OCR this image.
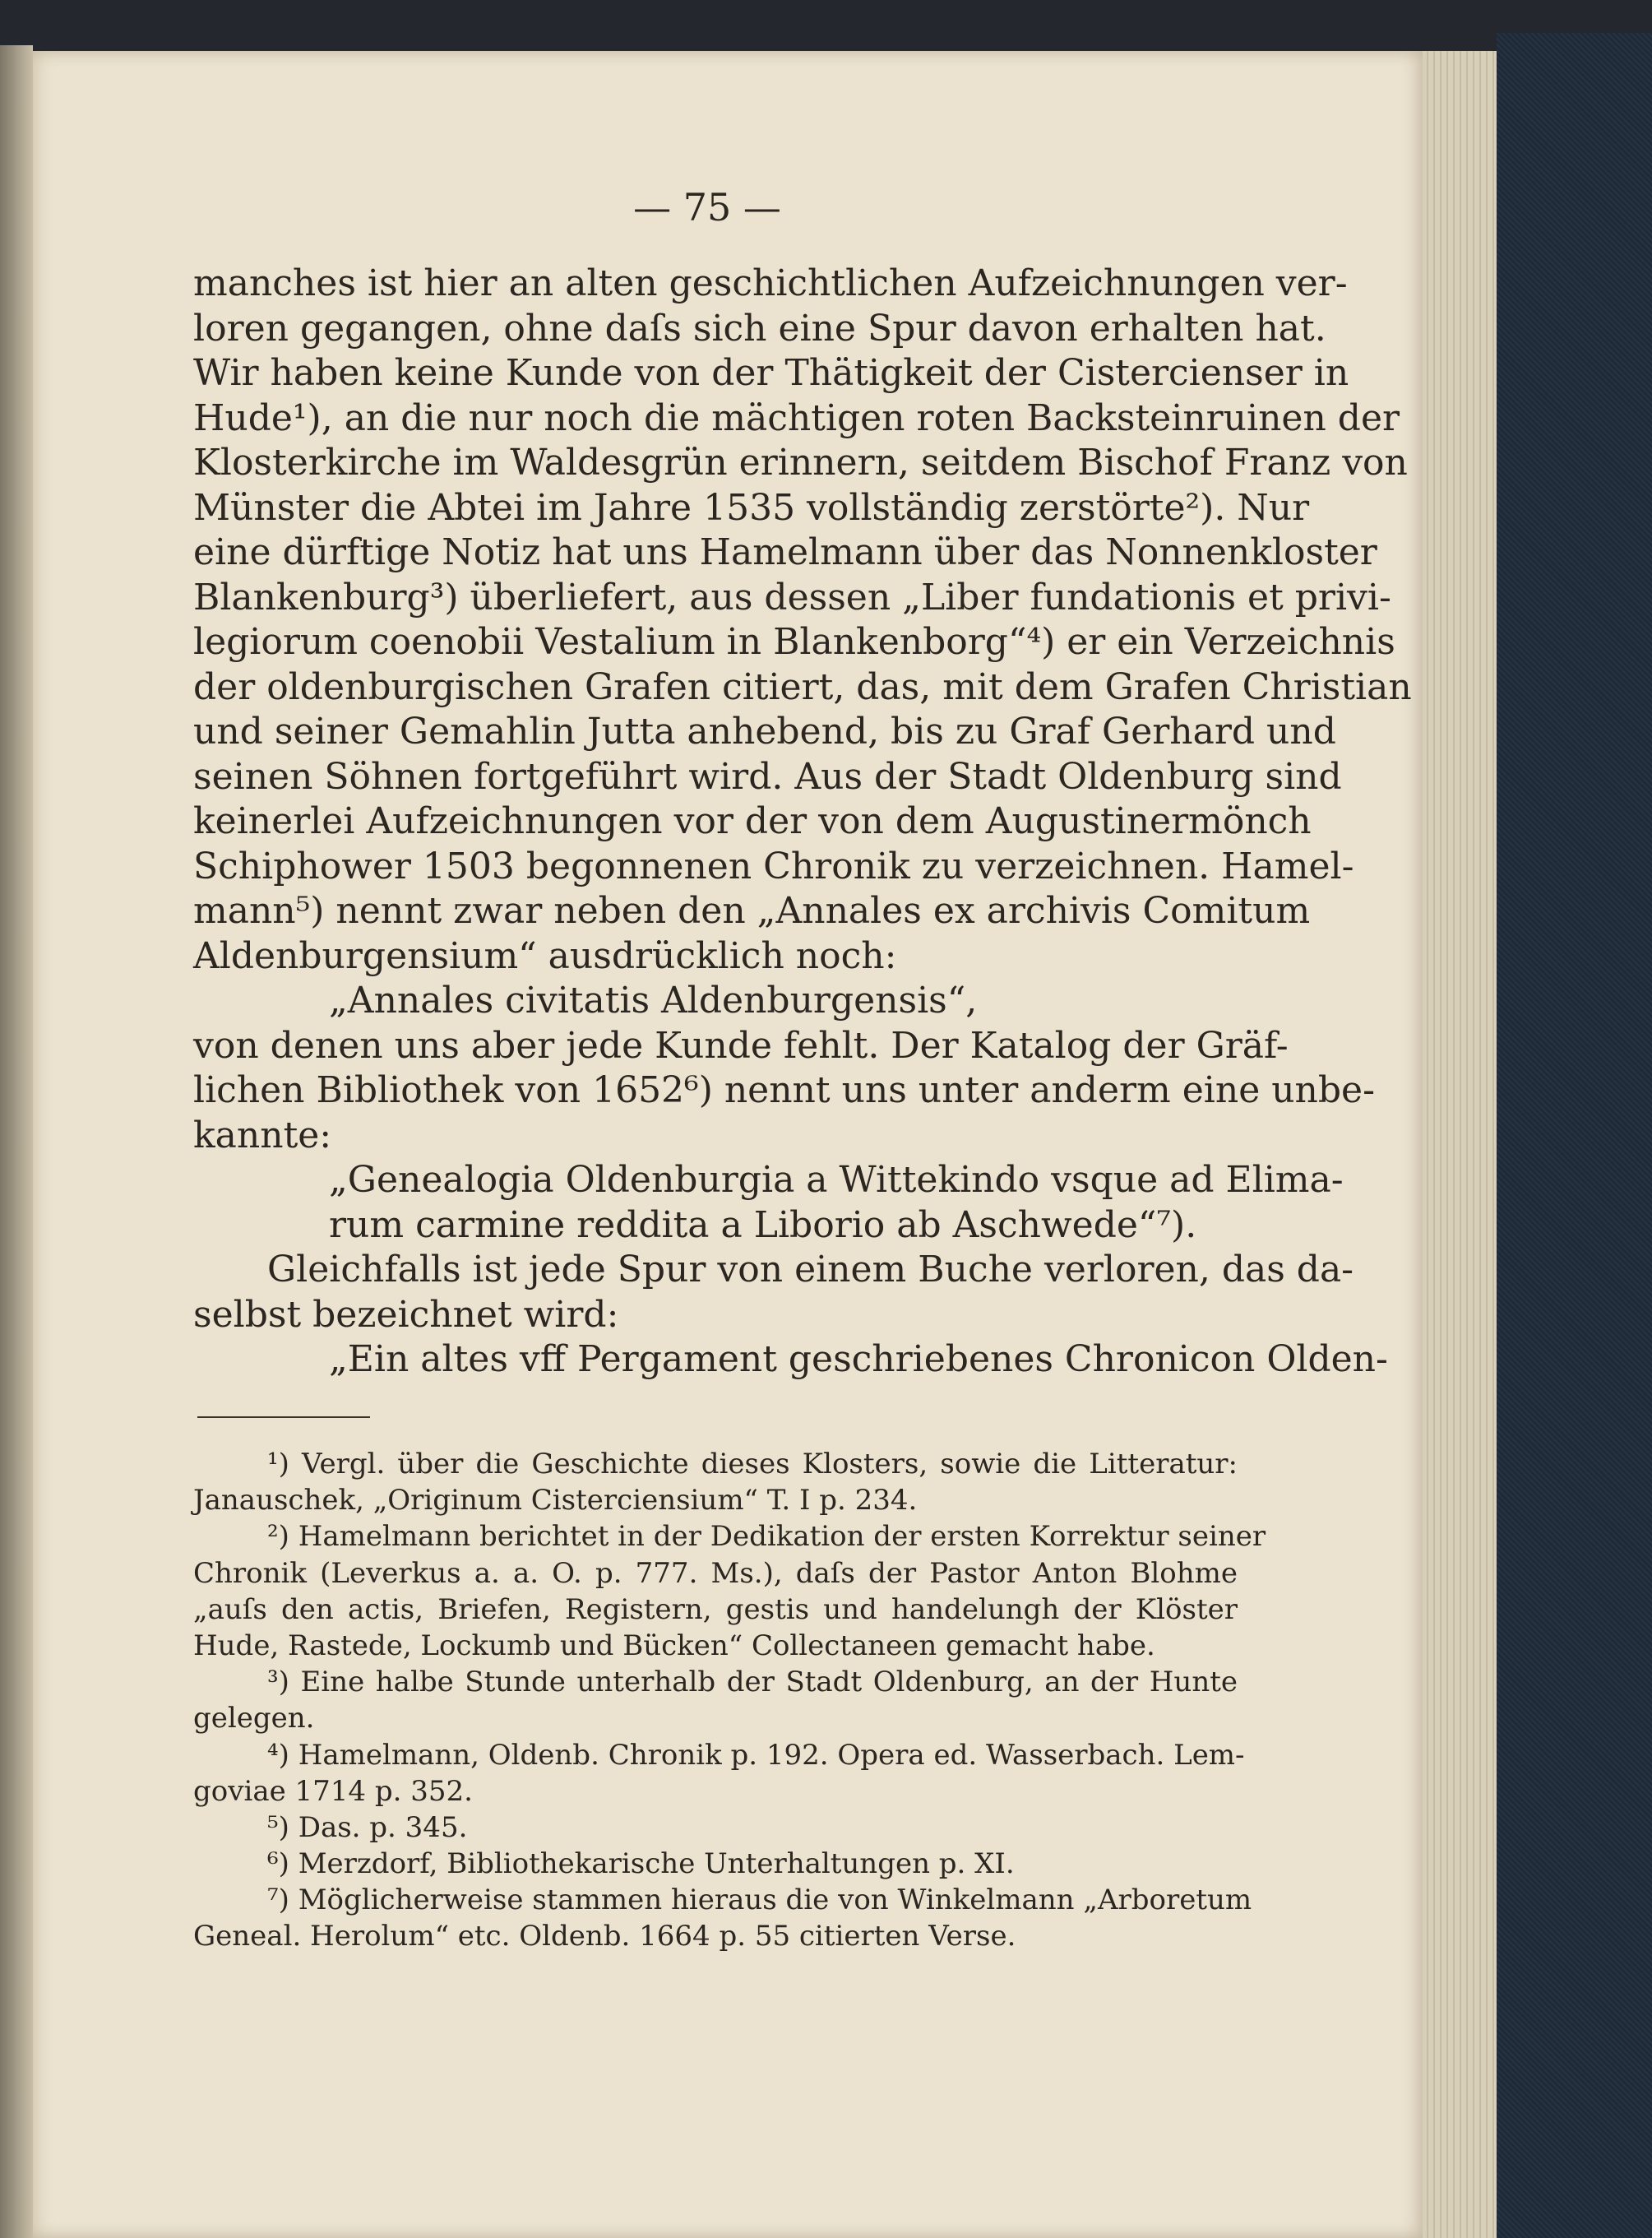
— 75 —
manches ist hier an alten geschichtlichen Aufzeichnungen ver-
loren gegangen, ohne daſs sich eine Spur davon erhalten hat.
Wir haben keine Kunde von der Thätigkeit der Cistercienser in
Hude¹), an die nur noch die mächtigen roten Backsteinruinen der
Klosterkirche im Waldesgrün erinnern, seitdem Bischof Franz von
Münster die Abtei im Jahre 1535 vollständig zerstörte²). Nur
eine dürftige Notiz hat uns Hamelmann über das Nonnenkloster
Blankenburg³) überliefert, aus dessen „Liber fundationis et privi-
legiorum coenobii Vestalium in Blankenborg“⁴) er ein Verzeichnis
der oldenburgischen Grafen citiert, das, mit dem Grafen Christian
und seiner Gemahlin Jutta anhebend, bis zu Graf Gerhard und
seinen Söhnen fortgeführt wird. Aus der Stadt Oldenburg sind
keinerlei Aufzeichnungen vor der von dem Augustinermönch
Schiphower 1503 begonnenen Chronik zu verzeichnen. Hamel-
mann⁵) nennt zwar neben den „Annales ex archivis Comitum
Aldenburgensium“ ausdrücklich noch:
„Annales civitatis Aldenburgensis“,
von denen uns aber jede Kunde fehlt. Der Katalog der Gräf-
lichen Bibliothek von 1652⁶) nennt uns unter anderm eine unbe-
kannte:
„Genealogia Oldenburgia a Wittekindo vsque ad Elima-
rum carmine reddita a Liborio ab Aschwede“⁷).
Gleichfalls ist jede Spur von einem Buche verloren, das da-
selbst bezeichnet wird:
„Ein altes vff Pergament geschriebenes Chronicon Olden-
¹) Vergl. über die Geschichte dieses Klosters, sowie die Litteratur:
Janauschek, „Originum Cisterciensium“ T. I p. 234.
²) Hamelmann berichtet in der Dedikation der ersten Korrektur seiner
Chronik (Leverkus a. a. O. p. 777. Ms.), daſs der Pastor Anton Blohme
„auſs den actis, Briefen, Registern, gestis und handelungh der Klöster
Hude, Rastede, Lockumb und Bücken“ Collectaneen gemacht habe.
³) Eine halbe Stunde unterhalb der Stadt Oldenburg, an der Hunte
gelegen.
⁴) Hamelmann, Oldenb. Chronik p. 192. Opera ed. Wasserbach. Lem-
goviae 1714 p. 352.
⁵) Das. p. 345.
⁶) Merzdorf, Bibliothekarische Unterhaltungen p. XI.
⁷) Möglicherweise stammen hieraus die von Winkelmann „Arboretum
Geneal. Herolum“ etc. Oldenb. 1664 p. 55 citierten Verse.
